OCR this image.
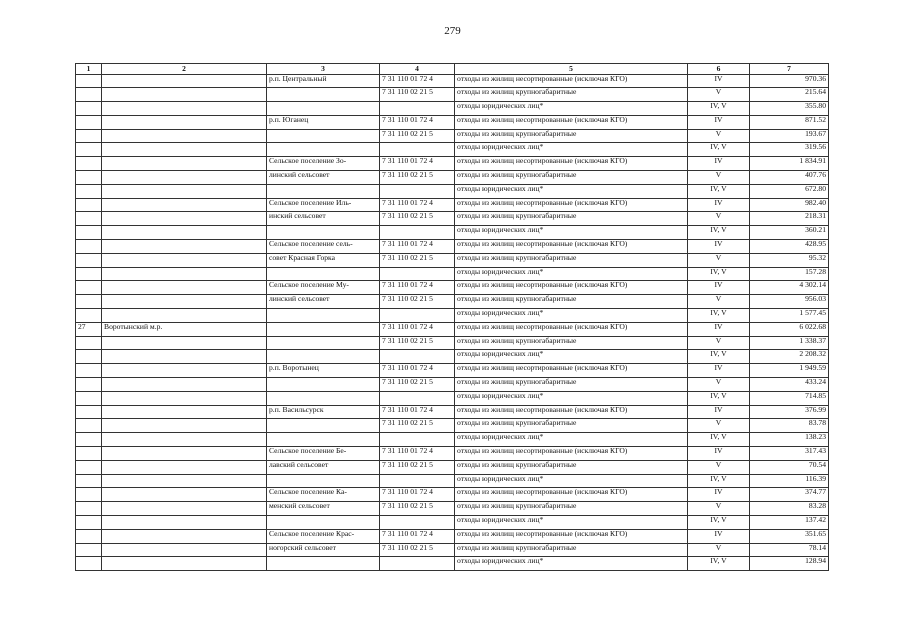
279
1	2	3	4	5	6	7
		р.п. Центральный	7 31 110 01 72 4	отходы из жилищ несортированные (исключая КГО)	IV	970.36
			7 31 110 02 21 5	отходы из жилищ крупногабаритные	V	215.64
				отходы юридических лиц*	IV, V	355.80
		р.п. Юганец	7 31 110 01 72 4	отходы из жилищ несортированные (исключая КГО)	IV	871.52
			7 31 110 02 21 5	отходы из жилищ крупногабаритные	V	193.67
				отходы юридических лиц*	IV, V	319.56
		Сельское поселение Зо-	7 31 110 01 72 4	отходы из жилищ несортированные (исключая КГО)	IV	1 834.91
		линский сельсовет	7 31 110 02 21 5	отходы из жилищ крупногабаритные	V	407.76
				отходы юридических лиц*	IV, V	672.80
		Сельское поселение Иль-	7 31 110 01 72 4	отходы из жилищ несортированные (исключая КГО)	IV	982.40
		инский сельсовет	7 31 110 02 21 5	отходы из жилищ крупногабаритные	V	218.31
				отходы юридических лиц*	IV, V	360.21
		Сельское поселение сель-	7 31 110 01 72 4	отходы из жилищ несортированные (исключая КГО)	IV	428.95
		совет Красная Горка	7 31 110 02 21 5	отходы из жилищ крупногабаритные	V	95.32
				отходы юридических лиц*	IV, V	157.28
		Сельское поселение Му-	7 31 110 01 72 4	отходы из жилищ несортированные (исключая КГО)	IV	4 302.14
		линский сельсовет	7 31 110 02 21 5	отходы из жилищ крупногабаритные	V	956.03
				отходы юридических лиц*	IV, V	1 577.45
27	Воротынский м.р.		7 31 110 01 72 4	отходы из жилищ несортированные (исключая КГО)	IV	6 022.68
			7 31 110 02 21 5	отходы из жилищ крупногабаритные	V	1 338.37
				отходы юридических лиц*	IV, V	2 208.32
		р.п. Воротынец	7 31 110 01 72 4	отходы из жилищ несортированные (исключая КГО)	IV	1 949.59
			7 31 110 02 21 5	отходы из жилищ крупногабаритные	V	433.24
				отходы юридических лиц*	IV, V	714.85
		р.п. Васильсурск	7 31 110 01 72 4	отходы из жилищ несортированные (исключая КГО)	IV	376.99
			7 31 110 02 21 5	отходы из жилищ крупногабаритные	V	83.78
				отходы юридических лиц*	IV, V	138.23
		Сельское поселение Бе-	7 31 110 01 72 4	отходы из жилищ несортированные (исключая КГО)	IV	317.43
		лавский сельсовет	7 31 110 02 21 5	отходы из жилищ крупногабаритные	V	70.54
				отходы юридических лиц*	IV, V	116.39
		Сельское поселение Ка-	7 31 110 01 72 4	отходы из жилищ несортированные (исключая КГО)	IV	374.77
		менский сельсовет	7 31 110 02 21 5	отходы из жилищ крупногабаритные	V	83.28
				отходы юридических лиц*	IV, V	137.42
		Сельское поселение Крас-	7 31 110 01 72 4	отходы из жилищ несортированные (исключая КГО)	IV	351.65
		ногорский сельсовет	7 31 110 02 21 5	отходы из жилищ крупногабаритные	V	78.14
				отходы юридических лиц*	IV, V	128.94
